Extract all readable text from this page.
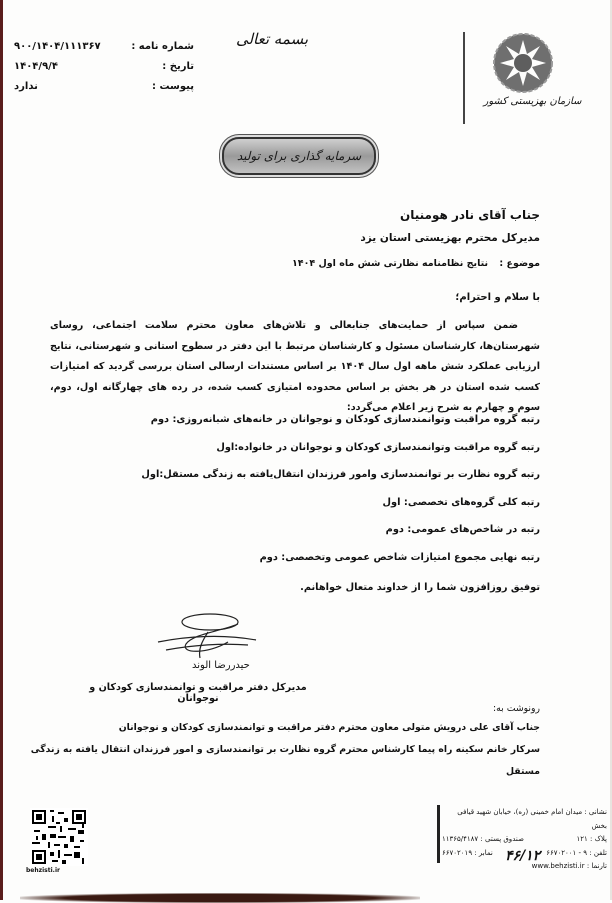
شماره نامه :
۹۰۰/۱۴۰۴/۱۱۱۳۶۷
تاریخ :
۱۴۰۴/۹/۴
پیوست :
ندارد
بسمه تعالی
سازمان بهزیستی کشور
سرمایه گذاری برای تولید
جناب آقای نادر هومنیان
مدیرکل محترم بهزیستی استان یزد
موضوع : نتایج نظامنامه نظارتی شش ماه اول ۱۴۰۴
با سلام و احترام؛
ضمن سپاس از حمایت‌های جنابعالی و تلاش‌های معاون محترم سلامت اجتماعی، روسای شهرستان‌ها، کارشناسان مسئول و کارشناسان مرتبط با این دفتر در سطوح استانی و شهرستانی، نتایج ارزیابی عملکرد شش ماهه اول سال ۱۴۰۴ بر اساس مستندات ارسالی استان بررسی گردید که امتیازات کسب شده استان در هر بخش بر اساس محدوده امتیازی کسب شده، در رده های چهارگانه اول، دوم، سوم و چهارم به شرح زیر اعلام می‌گردد:
رتبه گروه مراقبت وتوانمندسازی کودکان و نوجوانان در خانه‌های شبانه‌روزی: دوم
رتبه گروه مراقبت وتوانمندسازی کودکان و نوجوانان در خانواده:اول
رتبه گروه نظارت بر توانمندسازی وامور فرزندان انتقال‌یافته به زندگی مستقل:اول
رتبه کلی گروه‌های تخصصی: اول
رتبه در شاخص‌های عمومی: دوم
رتبه نهایی مجموع امتیازات شاخص عمومی وتخصصی: دوم
توفیق روزافزون شما را از خداوند متعال خواهانم.
حیدررضا الوند
مدیرکل دفتر مراقبت و توانمندسازی کودکان و نوجوانان
رونوشت به:
جناب آقای علی درویش متولی معاون محترم دفتر مراقبت و توانمندسازی کودکان و نوجوانان
سرکار خانم سکینه راه پیما کارشناس محترم گروه نظارت بر توانمندسازی و امور فرزندان انتقال یافته به زندگی مستقل
نشانی : میدان امام خمینی (ره)، خیابان شهید قیافی بخش
پلاک : ۱۲۱
صندوق پستی : ۱۱۳۶۵/۴۱۸۷
تلفن : ۹ - ۶۶۷۰۲۰۰۱
نمابر : ۶۶۷۰۲۰۱۹
تارنما : www.behzisti.ir
۴۶/۱۲
behzisti.ir
